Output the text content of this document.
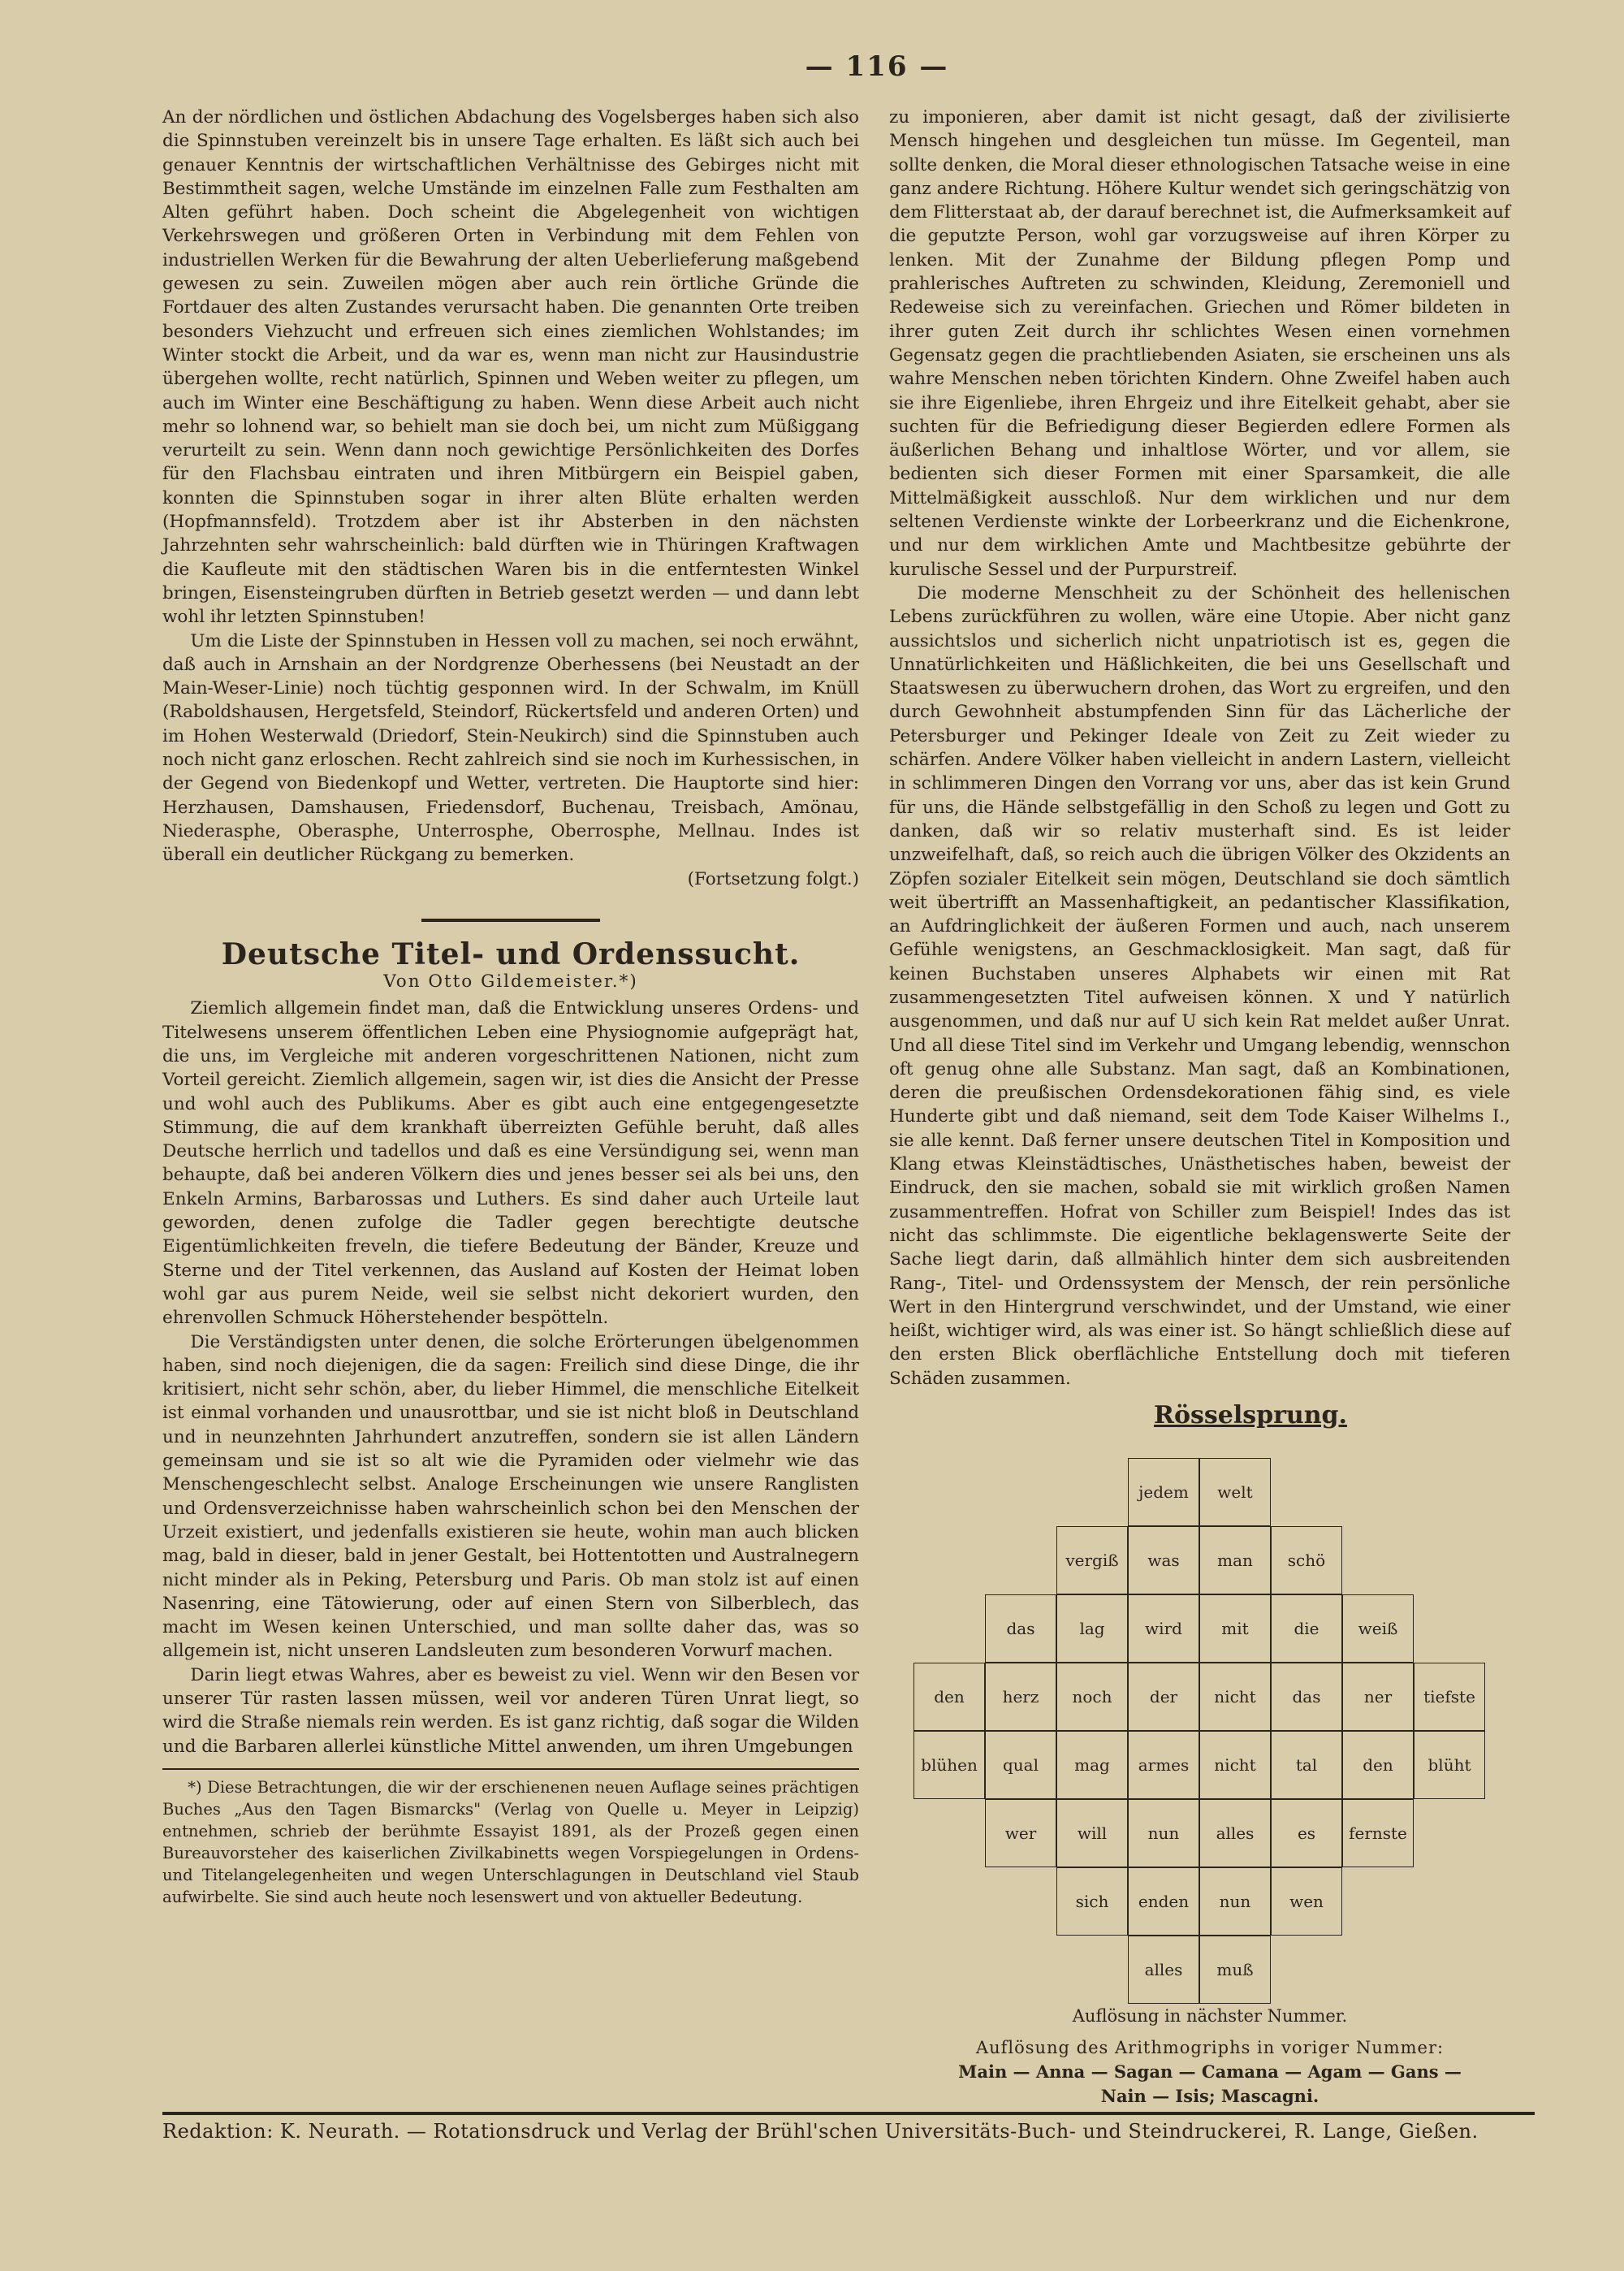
— 116 —

An der nördlichen und östlichen Abdachung des Vogelsberges haben sich also die Spinnstuben vereinzelt bis in unsere Tage erhalten. Es läßt sich auch bei genauer Kenntnis der wirtschaftlichen Verhältnisse des Gebirges nicht mit Bestimmtheit sagen, welche Umstände im einzelnen Falle zum Festhalten am Alten geführt haben. Doch scheint die Abgelegenheit von wichtigen Verkehrswegen und größeren Orten in Verbindung mit dem Fehlen von industriellen Werken für die Bewahrung der alten Ueberlieferung maßgebend gewesen zu sein. Zuweilen mögen aber auch rein örtliche Gründe die Fortdauer des alten Zustandes verursacht haben. Die genannten Orte treiben besonders Viehzucht und erfreuen sich eines ziemlichen Wohlstandes; im Winter stockt die Arbeit, und da war es, wenn man nicht zur Hausindustrie übergehen wollte, recht natürlich, Spinnen und Weben weiter zu pflegen, um auch im Winter eine Beschäftigung zu haben. Wenn diese Arbeit auch nicht mehr so lohnend war, so behielt man sie doch bei, um nicht zum Müßiggang verurteilt zu sein. Wenn dann noch gewichtige Persönlichkeiten des Dorfes für den Flachsbau eintraten und ihren Mitbürgern ein Beispiel gaben, konnten die Spinnstuben sogar in ihrer alten Blüte erhalten werden (Hopfmannsfeld). Trotzdem aber ist ihr Absterben in den nächsten Jahrzehnten sehr wahrscheinlich: bald dürften wie in Thüringen Kraftwagen die Kaufleute mit den städtischen Waren bis in die entferntesten Winkel bringen, Eisensteingruben dürften in Betrieb gesetzt werden — und dann lebt wohl ihr letzten Spinnstuben!

Um die Liste der Spinnstuben in Hessen voll zu machen, sei noch erwähnt, daß auch in Arnshain an der Nordgrenze Oberhessens (bei Neustadt an der Main-Weser-Linie) noch tüchtig gesponnen wird. In der Schwalm, im Knüll (Raboldshausen, Hergetsfeld, Steindorf, Rückertsfeld und anderen Orten) und im Hohen Westerwald (Driedorf, Stein-Neukirch) sind die Spinnstuben auch noch nicht ganz erloschen. Recht zahlreich sind sie noch im Kurhessischen, in der Gegend von Biedenkopf und Wetter, vertreten. Die Hauptorte sind hier: Herzhausen, Damshausen, Friedensdorf, Buchenau, Treisbach, Amönau, Niederasphe, Oberasphe, Unterrosphe, Oberrosphe, Mellnau. Indes ist überall ein deutlicher Rückgang zu bemerken.

(Fortsetzung folgt.)
Deutsche Titel- und Ordenssucht.
Von Otto Gildemeister.*)

Ziemlich allgemein findet man, daß die Entwicklung unseres Ordens- und Titelwesens unserem öffentlichen Leben eine Physiognomie aufgeprägt hat, die uns, im Vergleiche mit anderen vorgeschrittenen Nationen, nicht zum Vorteil gereicht. Ziemlich allgemein, sagen wir, ist dies die Ansicht der Presse und wohl auch des Publikums. Aber es gibt auch eine entgegengesetzte Stimmung, die auf dem krankhaft überreizten Gefühle beruht, daß alles Deutsche herrlich und tadellos und daß es eine Versündigung sei, wenn man behaupte, daß bei anderen Völkern dies und jenes besser sei als bei uns, den Enkeln Armins, Barbarossas und Luthers. Es sind daher auch Urteile laut geworden, denen zufolge die Tadler gegen berechtigte deutsche Eigentümlichkeiten freveln, die tiefere Bedeutung der Bänder, Kreuze und Sterne und der Titel verkennen, das Ausland auf Kosten der Heimat loben wohl gar aus purem Neide, weil sie selbst nicht dekoriert wurden, den ehrenvollen Schmuck Höherstehender bespötteln.

Die Verständigsten unter denen, die solche Erörterungen übelgenommen haben, sind noch diejenigen, die da sagen: Freilich sind diese Dinge, die ihr kritisiert, nicht sehr schön, aber, du lieber Himmel, die menschliche Eitelkeit ist einmal vorhanden und unausrottbar, und sie ist nicht bloß in Deutschland und in neunzehnten Jahrhundert anzutreffen, sondern sie ist allen Ländern gemeinsam und sie ist so alt wie die Pyramiden oder vielmehr wie das Menschengeschlecht selbst. Analoge Erscheinungen wie unsere Ranglisten und Ordensverzeichnisse haben wahrscheinlich schon bei den Menschen der Urzeit existiert, und jedenfalls existieren sie heute, wohin man auch blicken mag, bald in dieser, bald in jener Gestalt, bei Hottentotten und Australnegern nicht minder als in Peking, Petersburg und Paris. Ob man stolz ist auf einen Nasenring, eine Tätowierung, oder auf einen Stern von Silberblech, das macht im Wesen keinen Unterschied, und man sollte daher das, was so allgemein ist, nicht unseren Landsleuten zum besonderen Vorwurf machen.

Darin liegt etwas Wahres, aber es beweist zu viel. Wenn wir den Besen vor unserer Tür rasten lassen müssen, weil vor anderen Türen Unrat liegt, so wird die Straße niemals rein werden. Es ist ganz richtig, daß sogar die Wilden und die Barbaren allerlei künstliche Mittel anwenden, um ihren Umgebungen

*) Diese Betrachtungen, die wir der erschienenen neuen Auflage seines prächtigen Buches „Aus den Tagen Bismarcks" (Verlag von Quelle u. Meyer in Leipzig) entnehmen, schrieb der berühmte Essayist 1891, als der Prozeß gegen einen Bureauvorsteher des kaiserlichen Zivilkabinetts wegen Vorspiegelungen in Ordens- und Titelangelegenheiten und wegen Unterschlagungen in Deutschland viel Staub aufwirbelte. Sie sind auch heute noch lesenswert und von aktueller Bedeutung.

zu imponieren, aber damit ist nicht gesagt, daß der zivilisierte Mensch hingehen und desgleichen tun müsse. Im Gegenteil, man sollte denken, die Moral dieser ethnologischen Tatsache weise in eine ganz andere Richtung. Höhere Kultur wendet sich geringschätzig von dem Flitterstaat ab, der darauf berechnet ist, die Aufmerksamkeit auf die geputzte Person, wohl gar vorzugsweise auf ihren Körper zu lenken. Mit der Zunahme der Bildung pflegen Pomp und prahlerisches Auftreten zu schwinden, Kleidung, Zeremoniell und Redeweise sich zu vereinfachen. Griechen und Römer bildeten in ihrer guten Zeit durch ihr schlichtes Wesen einen vornehmen Gegensatz gegen die prachtliebenden Asiaten, sie erscheinen uns als wahre Menschen neben törichten Kindern. Ohne Zweifel haben auch sie ihre Eigenliebe, ihren Ehrgeiz und ihre Eitelkeit gehabt, aber sie suchten für die Befriedigung dieser Begierden edlere Formen als äußerlichen Behang und inhaltlose Wörter, und vor allem, sie bedienten sich dieser Formen mit einer Sparsamkeit, die alle Mittelmäßigkeit ausschloß. Nur dem wirklichen und nur dem seltenen Verdienste winkte der Lorbeerkranz und die Eichenkrone, und nur dem wirklichen Amte und Machtbesitze gebührte der kurulische Sessel und der Purpurstreif.

Die moderne Menschheit zu der Schönheit des hellenischen Lebens zurückführen zu wollen, wäre eine Utopie. Aber nicht ganz aussichtslos und sicherlich nicht unpatriotisch ist es, gegen die Unnatürlichkeiten und Häßlichkeiten, die bei uns Gesellschaft und Staatswesen zu überwuchern drohen, das Wort zu ergreifen, und den durch Gewohnheit abstumpfenden Sinn für das Lächerliche der Petersburger und Pekinger Ideale von Zeit zu Zeit wieder zu schärfen. Andere Völker haben vielleicht in andern Lastern, vielleicht in schlimmeren Dingen den Vorrang vor uns, aber das ist kein Grund für uns, die Hände selbstgefällig in den Schoß zu legen und Gott zu danken, daß wir so relativ musterhaft sind. Es ist leider unzweifelhaft, daß, so reich auch die übrigen Völker des Okzidents an Zöpfen sozialer Eitelkeit sein mögen, Deutschland sie doch sämtlich weit übertrifft an Massenhaftigkeit, an pedantischer Klassifikation, an Aufdringlichkeit der äußeren Formen und auch, nach unserem Gefühle wenigstens, an Geschmacklosigkeit. Man sagt, daß für keinen Buchstaben unseres Alphabets wir einen mit Rat zusammengesetzten Titel aufweisen können. X und Y natürlich ausgenommen, und daß nur auf U sich kein Rat meldet außer Unrat. Und all diese Titel sind im Verkehr und Umgang lebendig, wennschon oft genug ohne alle Substanz. Man sagt, daß an Kombinationen, deren die preußischen Ordensdekorationen fähig sind, es viele Hunderte gibt und daß niemand, seit dem Tode Kaiser Wilhelms I., sie alle kennt. Daß ferner unsere deutschen Titel in Komposition und Klang etwas Kleinstädtisches, Unästhetisches haben, beweist der Eindruck, den sie machen, sobald sie mit wirklich großen Namen zusammentreffen. Hofrat von Schiller zum Beispiel! Indes das ist nicht das schlimmste. Die eigentliche beklagenswerte Seite der Sache liegt darin, daß allmählich hinter dem sich ausbreitenden Rang-, Titel- und Ordenssystem der Mensch, der rein persönliche Wert in den Hintergrund verschwindet, und der Umstand, wie einer heißt, wichtiger wird, als was einer ist. So hängt schließlich diese auf den ersten Blick oberflächliche Entstellung doch mit tieferen Schäden zusammen.

Rösselsprung.
jedem	welt
vergiß	was	man	schö
das	lag	wird	mit	die	weiß
den	herz	noch	der	nicht	das	ner	tiefste
blühen	qual	mag	armes	nicht	tal	den	blüht
wer	will	nun	alles	es	fernste
sich	enden	nun	wen
alles	muß
Auflösung in nächster Nummer.
Auflösung des Arithmogriphs in voriger Nummer:
Main — Anna — Sagan — Camana — Agam — Gans —
Nain — Isis; Mascagni.
Redaktion: K. Neurath. — Rotationsdruck und Verlag der Brühl'schen Universitäts-Buch- und Steindruckerei, R. Lange, Gießen.
